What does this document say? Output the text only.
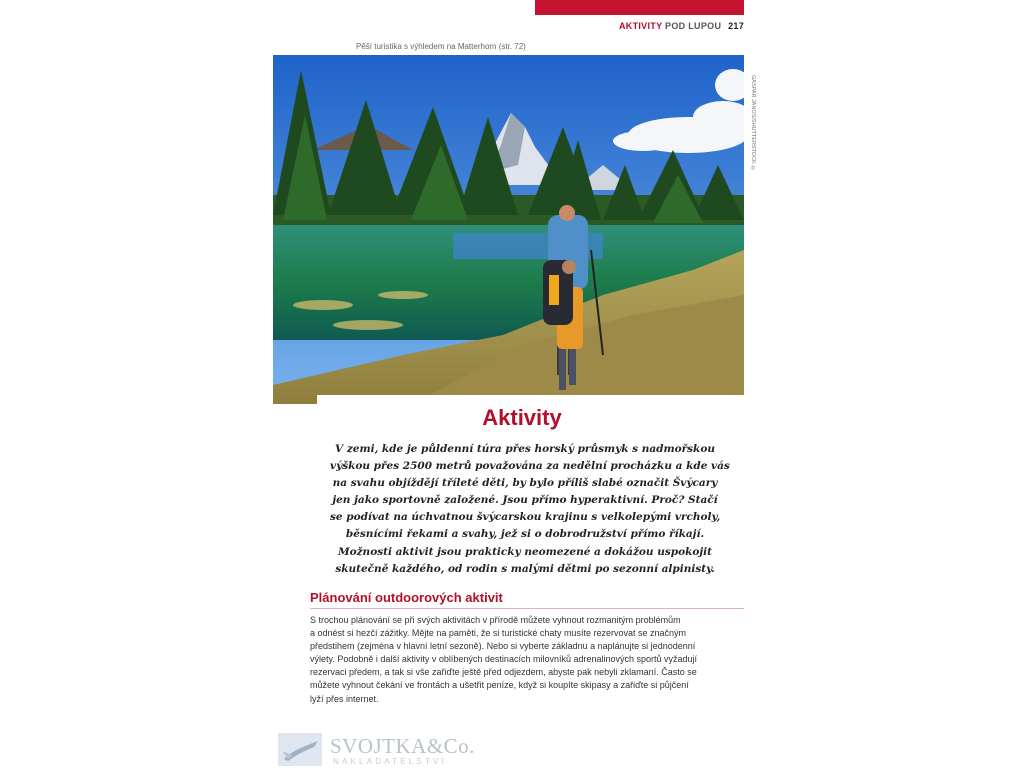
AKTIVITY POD LUPOU 217
Pěší turistika s výhledem na Matterhorn (str. 72)
GASPAR JANOS/SHUTTERSTOCK ©
Aktivity
V zemi, kde je půldenní túra přes horský průsmyk s nadmořskou
výškou přes 2500 metrů považována za nedělní procházku a kde vás
na svahu objíždějí tříleté děti, by bylo příliš slabé označit Švýcary
jen jako sportovně založené. Jsou přímo hyperaktivní. Proč? Stačí
se podívat na úchvatnou švýcarskou krajinu s velkolepými vrcholy,
běsnícími řekami a svahy, jež si o dobrodružství přímo říkají.
Možnosti aktivit jsou prakticky neomezené a dokážou uspokojit
skutečně každého, od rodin s malými dětmi po sezonní alpinisty.
Plánování outdoorových aktivit
S trochou plánování se při svých aktivitách v přírodě můžete vyhnout rozmanitým problémům
a odnést si hezčí zážitky. Mějte na paměti, že si turistické chaty musíte rezervovat se značným
předstihem (zejména v hlavní letní sezoně). Nebo si vyberte základnu a naplánujte si jednodenní
výlety. Podobně i další aktivity v oblíbených destinacích milovníků adrenalinových sportů vyžadují
rezervaci předem, a tak si vše zařiďte ještě před odjezdem, abyste pak nebyli zklamaní. Často se
můžete vyhnout čekání ve frontách a ušetřit peníze, když si koupíte skipasy a zařiďte si půjčení
lyží přes internet.
SVOJTKA&Co.
NAKLADATELSTVÍ
